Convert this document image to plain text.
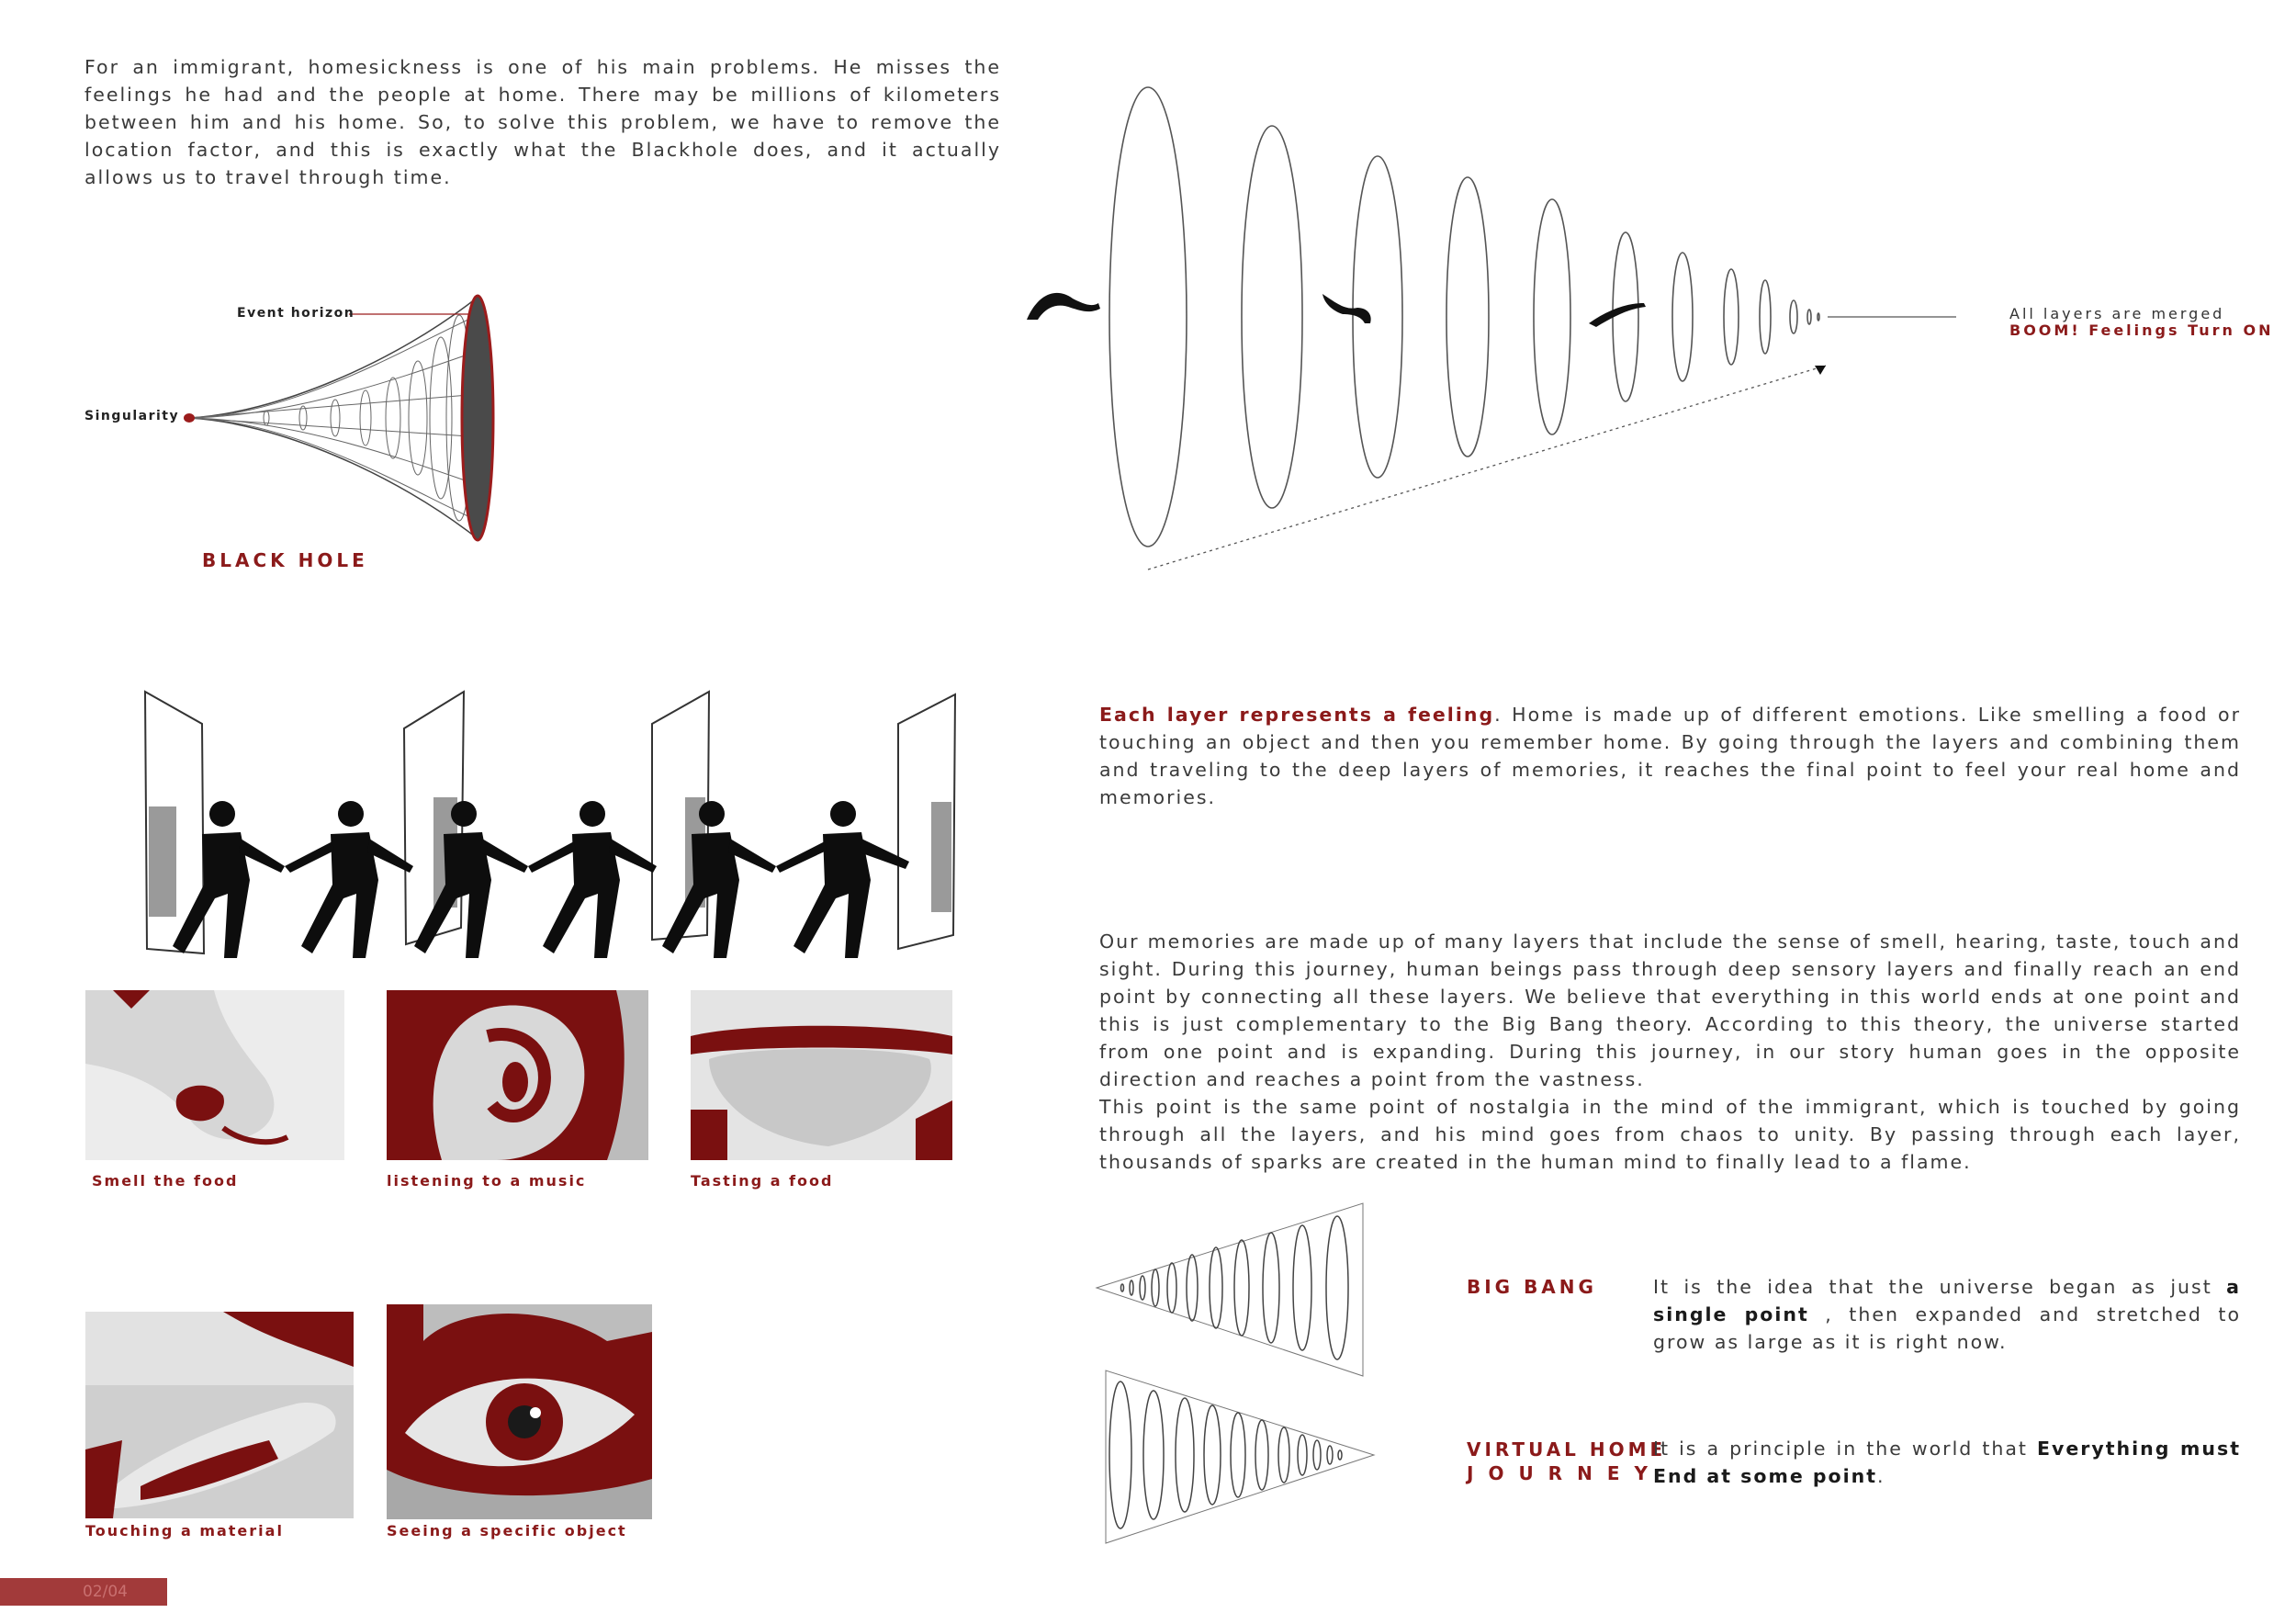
For an immigrant, homesickness is one of his main problems. He misses the feelings he had and the people at home. There may be millions of kilometers between him and his home. So, to solve this problem, we have to remove the location factor, and this is exactly what the Blackhole does, and it actually allows us to travel through time.

Event horizon
Singularity
BLACK HOLE
All layers are merged
BOOM! Feelings Turn ON

Each layer represents a feeling. Home is made up of different emotions. Like smelling a food or touching an object and then you remember home. By going through the layers and combining them and traveling to the deep layers of memories, it reaches the final point to feel your real home and memories.

Our memories are made up of many layers that include the sense of smell, hearing, taste, touch and sight. During this journey, human beings pass through deep sensory layers and finally reach an end point by connecting all these layers. We believe that everything in this world ends at one point and this is just complementary to the Big Bang theory. According to this theory, the universe started from one point and is expanding. During this journey, in our story human goes in the opposite direction and reaches a point from the vastness.

This point is the same point of nostalgia in the mind of the immigrant, which is touched by going through all the layers, and his mind goes from chaos to unity. By passing through each layer, thousands of sparks are created in the human mind to finally lead to a flame.

Smell the food	listening to a music	Tasting a food
Touching a material	Seeing a specific object
BIG BANG	It is the idea that the universe began as just a single point , then expanded and stretched to grow as large as it is right now.

VIRTUAL HOME
JOURNEY

It is a principle in the world that Everything must End at some point.

02/04
